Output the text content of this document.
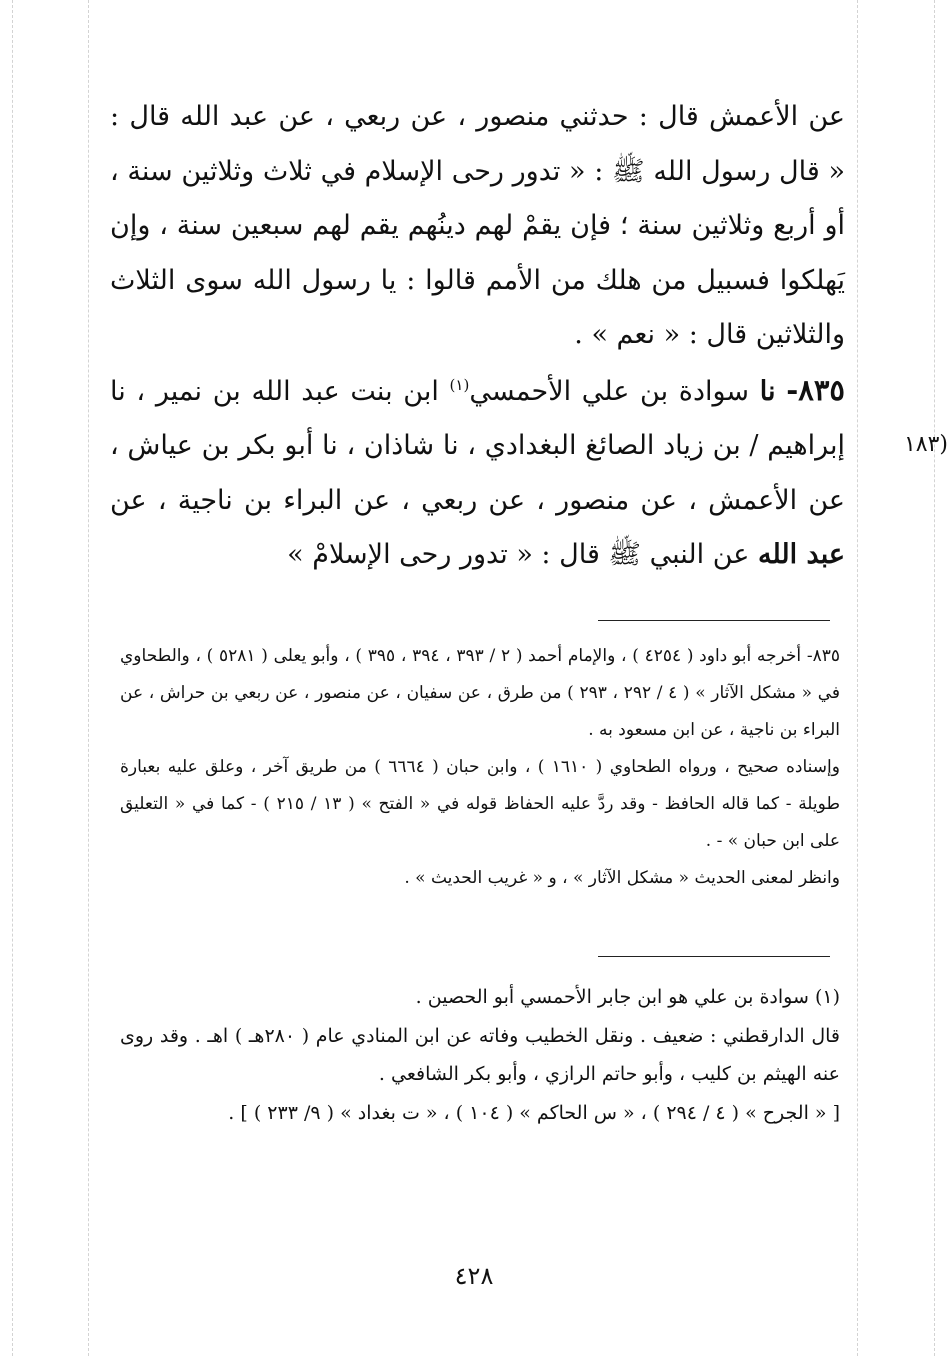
عن الأعمش قال : حدثني منصور ، عن ربعي ، عن عبد الله قال : « قال رسول الله ﷺ : « تدور رحى الإسلام في ثلاث وثلاثين سنة ، أو أربع وثلاثين سنة ؛ فإن يقمْ لهم دينُهم يقم لهم سبعين سنة ، وإن يَهلكوا فسبيل من هلك من الأمم قالوا : يا رسول الله سوى الثلاث والثلاثين قال : « نعم » .

٨٣٥- نا سوادة بن علي الأحمسي$^{(١)}$ ابن بنت عبد الله بن نمير ، نا إبراهيم / بن زياد الصائغ البغدادي ، نا شاذان ، نا أبو بكر بن عياش ، عن الأعمش ، عن منصور ، عن ربعي ، عن البراء بن ناجية ، عن عبد الله عن النبي ﷺ قال : « تدور رحى الإسلامْ »

(١٨٣

٨٣٥- أخرجه أبو داود ( ٤٢٥٤ ) ، والإمام أحمد ( ٢ / ٣٩٣ ، ٣٩٤ ، ٣٩٥ ) ، وأبو يعلى ( ٥٢٨١ ) ، والطحاوي في « مشكل الآثار » ( ٤ / ٢٩٢ ، ٢٩٣ ) من طرق ، عن سفيان ، عن منصور ، عن ربعي بن حراش ، عن البراء بن ناجية ، عن ابن مسعود به .

وإسناده صحيح ، ورواه الطحاوي ( ١٦١٠ ) ، وابن حبان ( ٦٦٦٤ ) من طريق آخر ، وعلق عليه بعبارة طويلة - كما قاله الحافظ - وقد ردَّ عليه الحفاظ قوله في « الفتح » ( ١٣ / ٢١٥ ) - كما في « التعليق على ابن حبان » - .

وانظر لمعنى الحديث « مشكل الآثار » ، و « غريب الحديث » .

(١) سوادة بن علي هو ابن جابر الأحمسي أبو الحصين .

قال الدارقطني : ضعيف . ونقل الخطيب وفاته عن ابن المنادي عام ( ٢٨٠هـ ) اهـ . وقد روى عنه الهيثم بن كليب ، وأبو حاتم الرازي ، وأبو بكر الشافعي .

[ « الجرح » ( ٤ / ٢٩٤ ) ، « س الحاكم » ( ١٠٤ ) ، « ت بغداد » ( ٩/ ٢٣٣ ) ] .

٤٢٨
